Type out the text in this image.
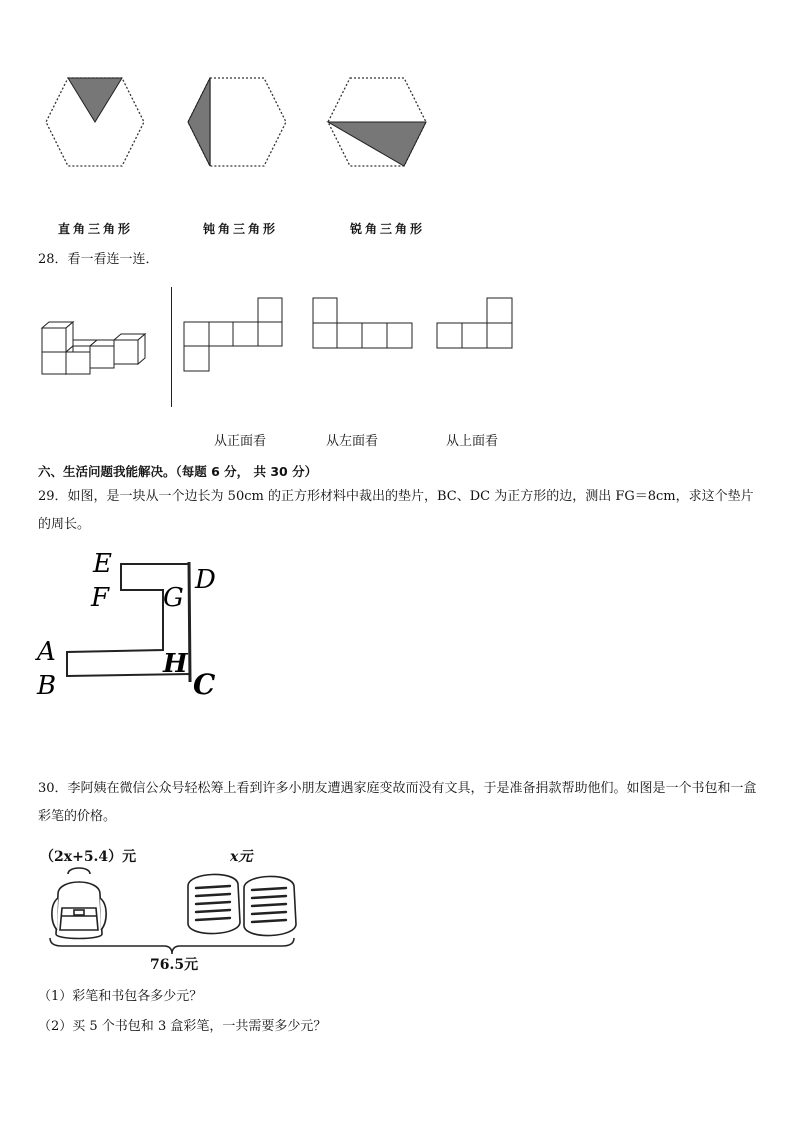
直角三角形	钝角三角形	锐角三角形
28．看一看连一连．
从正面看	从左面看	从上面看
六、生活问题我能解决。（每题 6 分， 共 30 分）
29．如图，是一块从一个边长为 50cm 的正方形材料中裁出的垫片，BC、DC 为正方形的边，测出 FG＝8cm，求这个垫片的周长。
E
F G
D
A
B
H
C
30．李阿姨在微信公众号轻松筹上看到许多小朋友遭遇家庭变故而没有文具，于是准备捐款帮助他们。如图是一个书包和一盒彩笔的价格。
（2x+5.4）元	x元
76.5元
（1）彩笔和书包各多少元？
（2）买 5 个书包和 3 盒彩笔，一共需要多少元？
